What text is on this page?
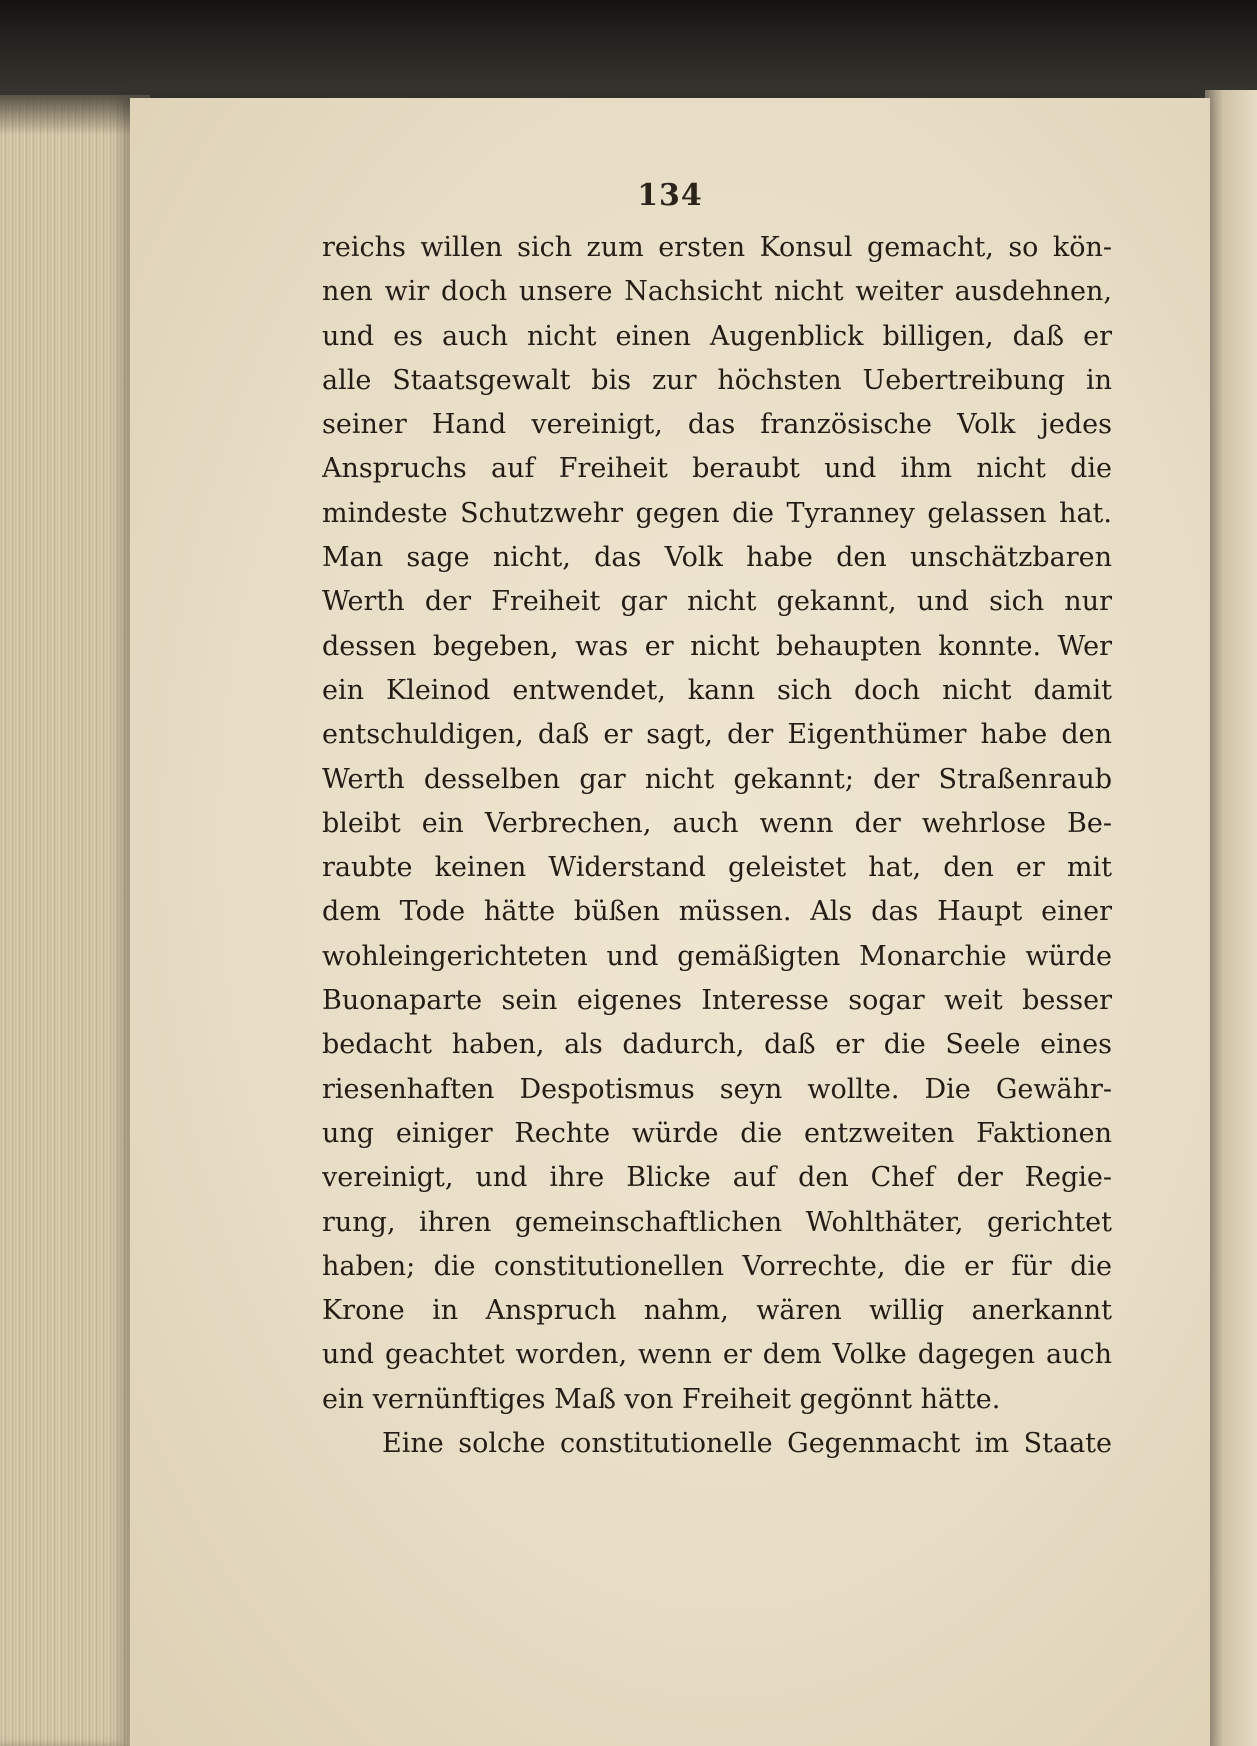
134
reichs willen sich zum ersten Konsul gemacht, so kön-
nen wir doch unsere Nachsicht nicht weiter ausdehnen,
und es auch nicht einen Augenblick billigen, daß er
alle Staatsgewalt bis zur höchsten Uebertreibung in
seiner Hand vereinigt, das französische Volk jedes
Anspruchs auf Freiheit beraubt und ihm nicht die
mindeste Schutzwehr gegen die Tyranney gelassen hat.
Man sage nicht, das Volk habe den unschätzbaren
Werth der Freiheit gar nicht gekannt, und sich nur
dessen begeben, was er nicht behaupten konnte. Wer
ein Kleinod entwendet, kann sich doch nicht damit
entschuldigen, daß er sagt, der Eigenthümer habe den
Werth desselben gar nicht gekannt; der Straßenraub
bleibt ein Verbrechen, auch wenn der wehrlose Be-
raubte keinen Widerstand geleistet hat, den er mit
dem Tode hätte büßen müssen. Als das Haupt einer
wohleingerichteten und gemäßigten Monarchie würde
Buonaparte sein eigenes Interesse sogar weit besser
bedacht haben, als dadurch, daß er die Seele eines
riesenhaften Despotismus seyn wollte. Die Gewähr-
ung einiger Rechte würde die entzweiten Faktionen
vereinigt, und ihre Blicke auf den Chef der Regie-
rung, ihren gemeinschaftlichen Wohlthäter, gerichtet
haben; die constitutionellen Vorrechte, die er für die
Krone in Anspruch nahm, wären willig anerkannt
und geachtet worden, wenn er dem Volke dagegen auch
ein vernünftiges Maß von Freiheit gegönnt hätte.
Eine solche constitutionelle Gegenmacht im Staate
